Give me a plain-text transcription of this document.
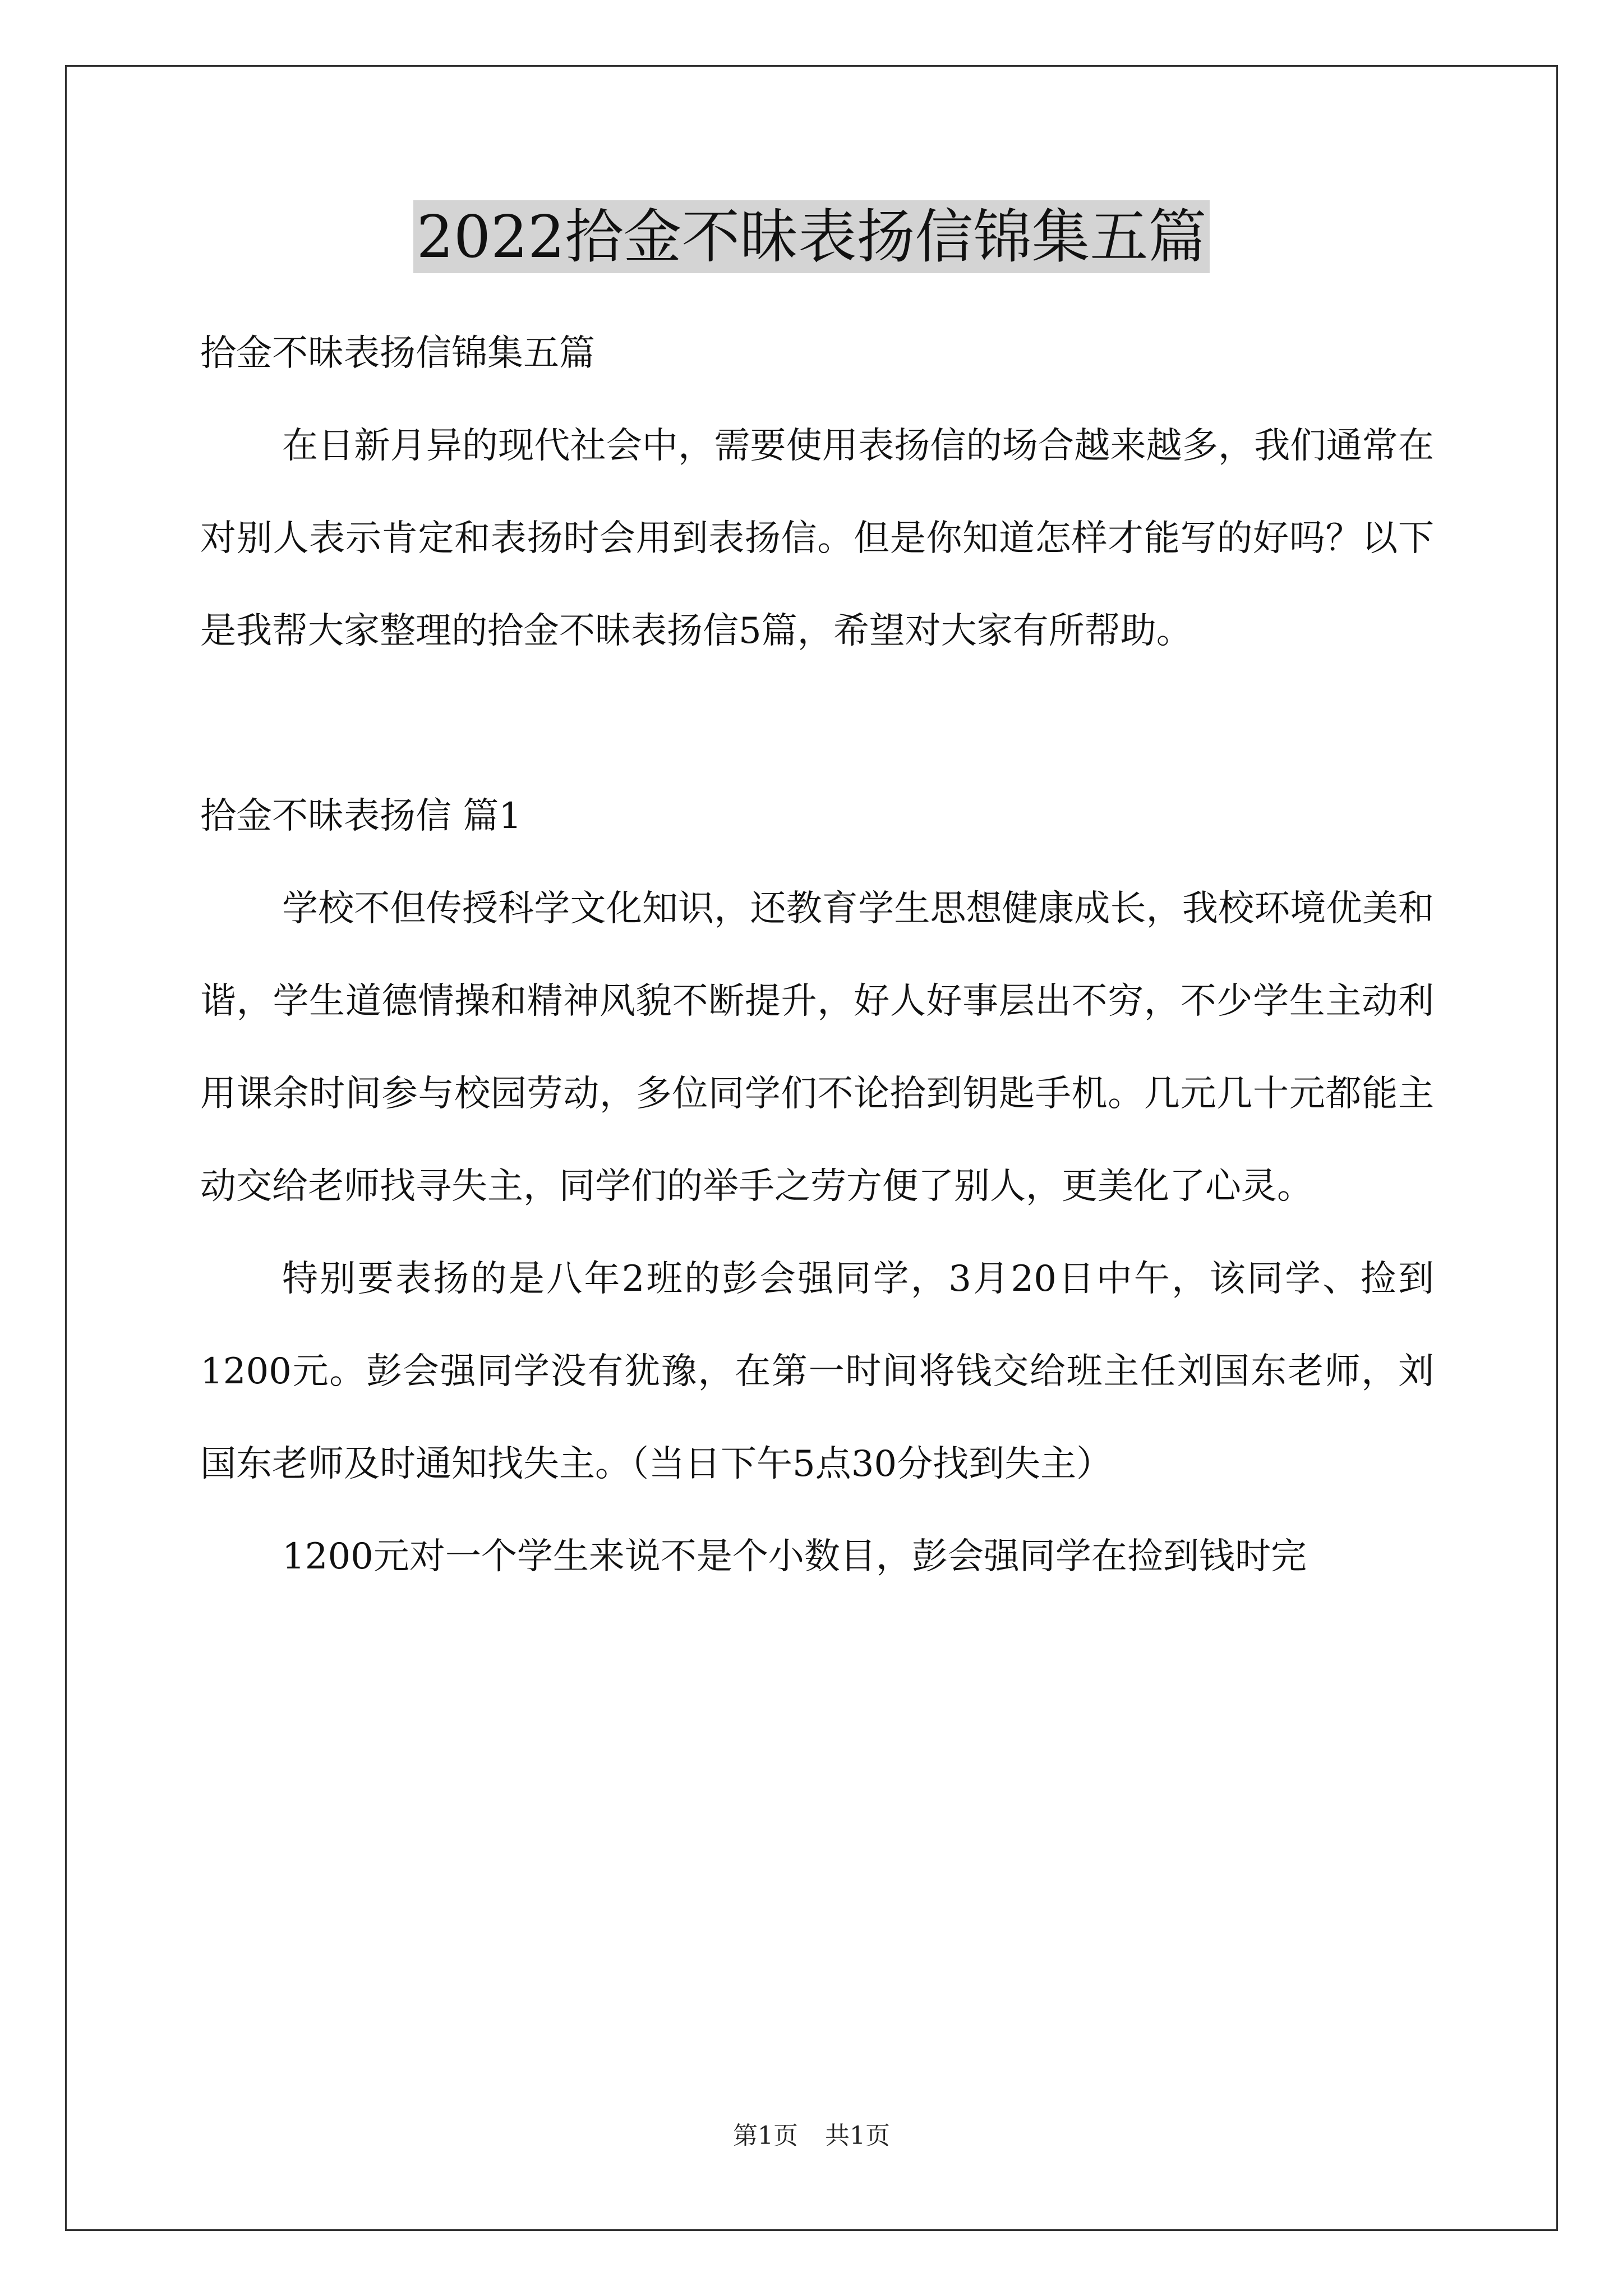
2022拾金不昧表扬信锦集五篇

拾金不昧表扬信锦集五篇

在日新月异的现代社会中，需要使用表扬信的场合越来越多，我们通常在对别人表示肯定和表扬时会用到表扬信。但是你知道怎样才能写的好吗？以下是我帮大家整理的拾金不昧表扬信5篇，希望对大家有所帮助。

拾金不昧表扬信 篇1

学校不但传授科学文化知识，还教育学生思想健康成长，我校环境优美和谐，学生道德情操和精神风貌不断提升，好人好事层出不穷，不少学生主动利用课余时间参与校园劳动，多位同学们不论拾到钥匙手机。几元几十元都能主动交给老师找寻失主，同学们的举手之劳方便了别人，更美化了心灵。

特别要表扬的是八年2班的彭会强同学，3月20日中午，该同学、捡到1200元。彭会强同学没有犹豫，在第一时间将钱交给班主任刘国东老师，刘国东老师及时通知找失主。（当日下午5点30分找到失主）

1200元对一个学生来说不是个小数目，彭会强同学在捡到钱时完

第1页 共1页
